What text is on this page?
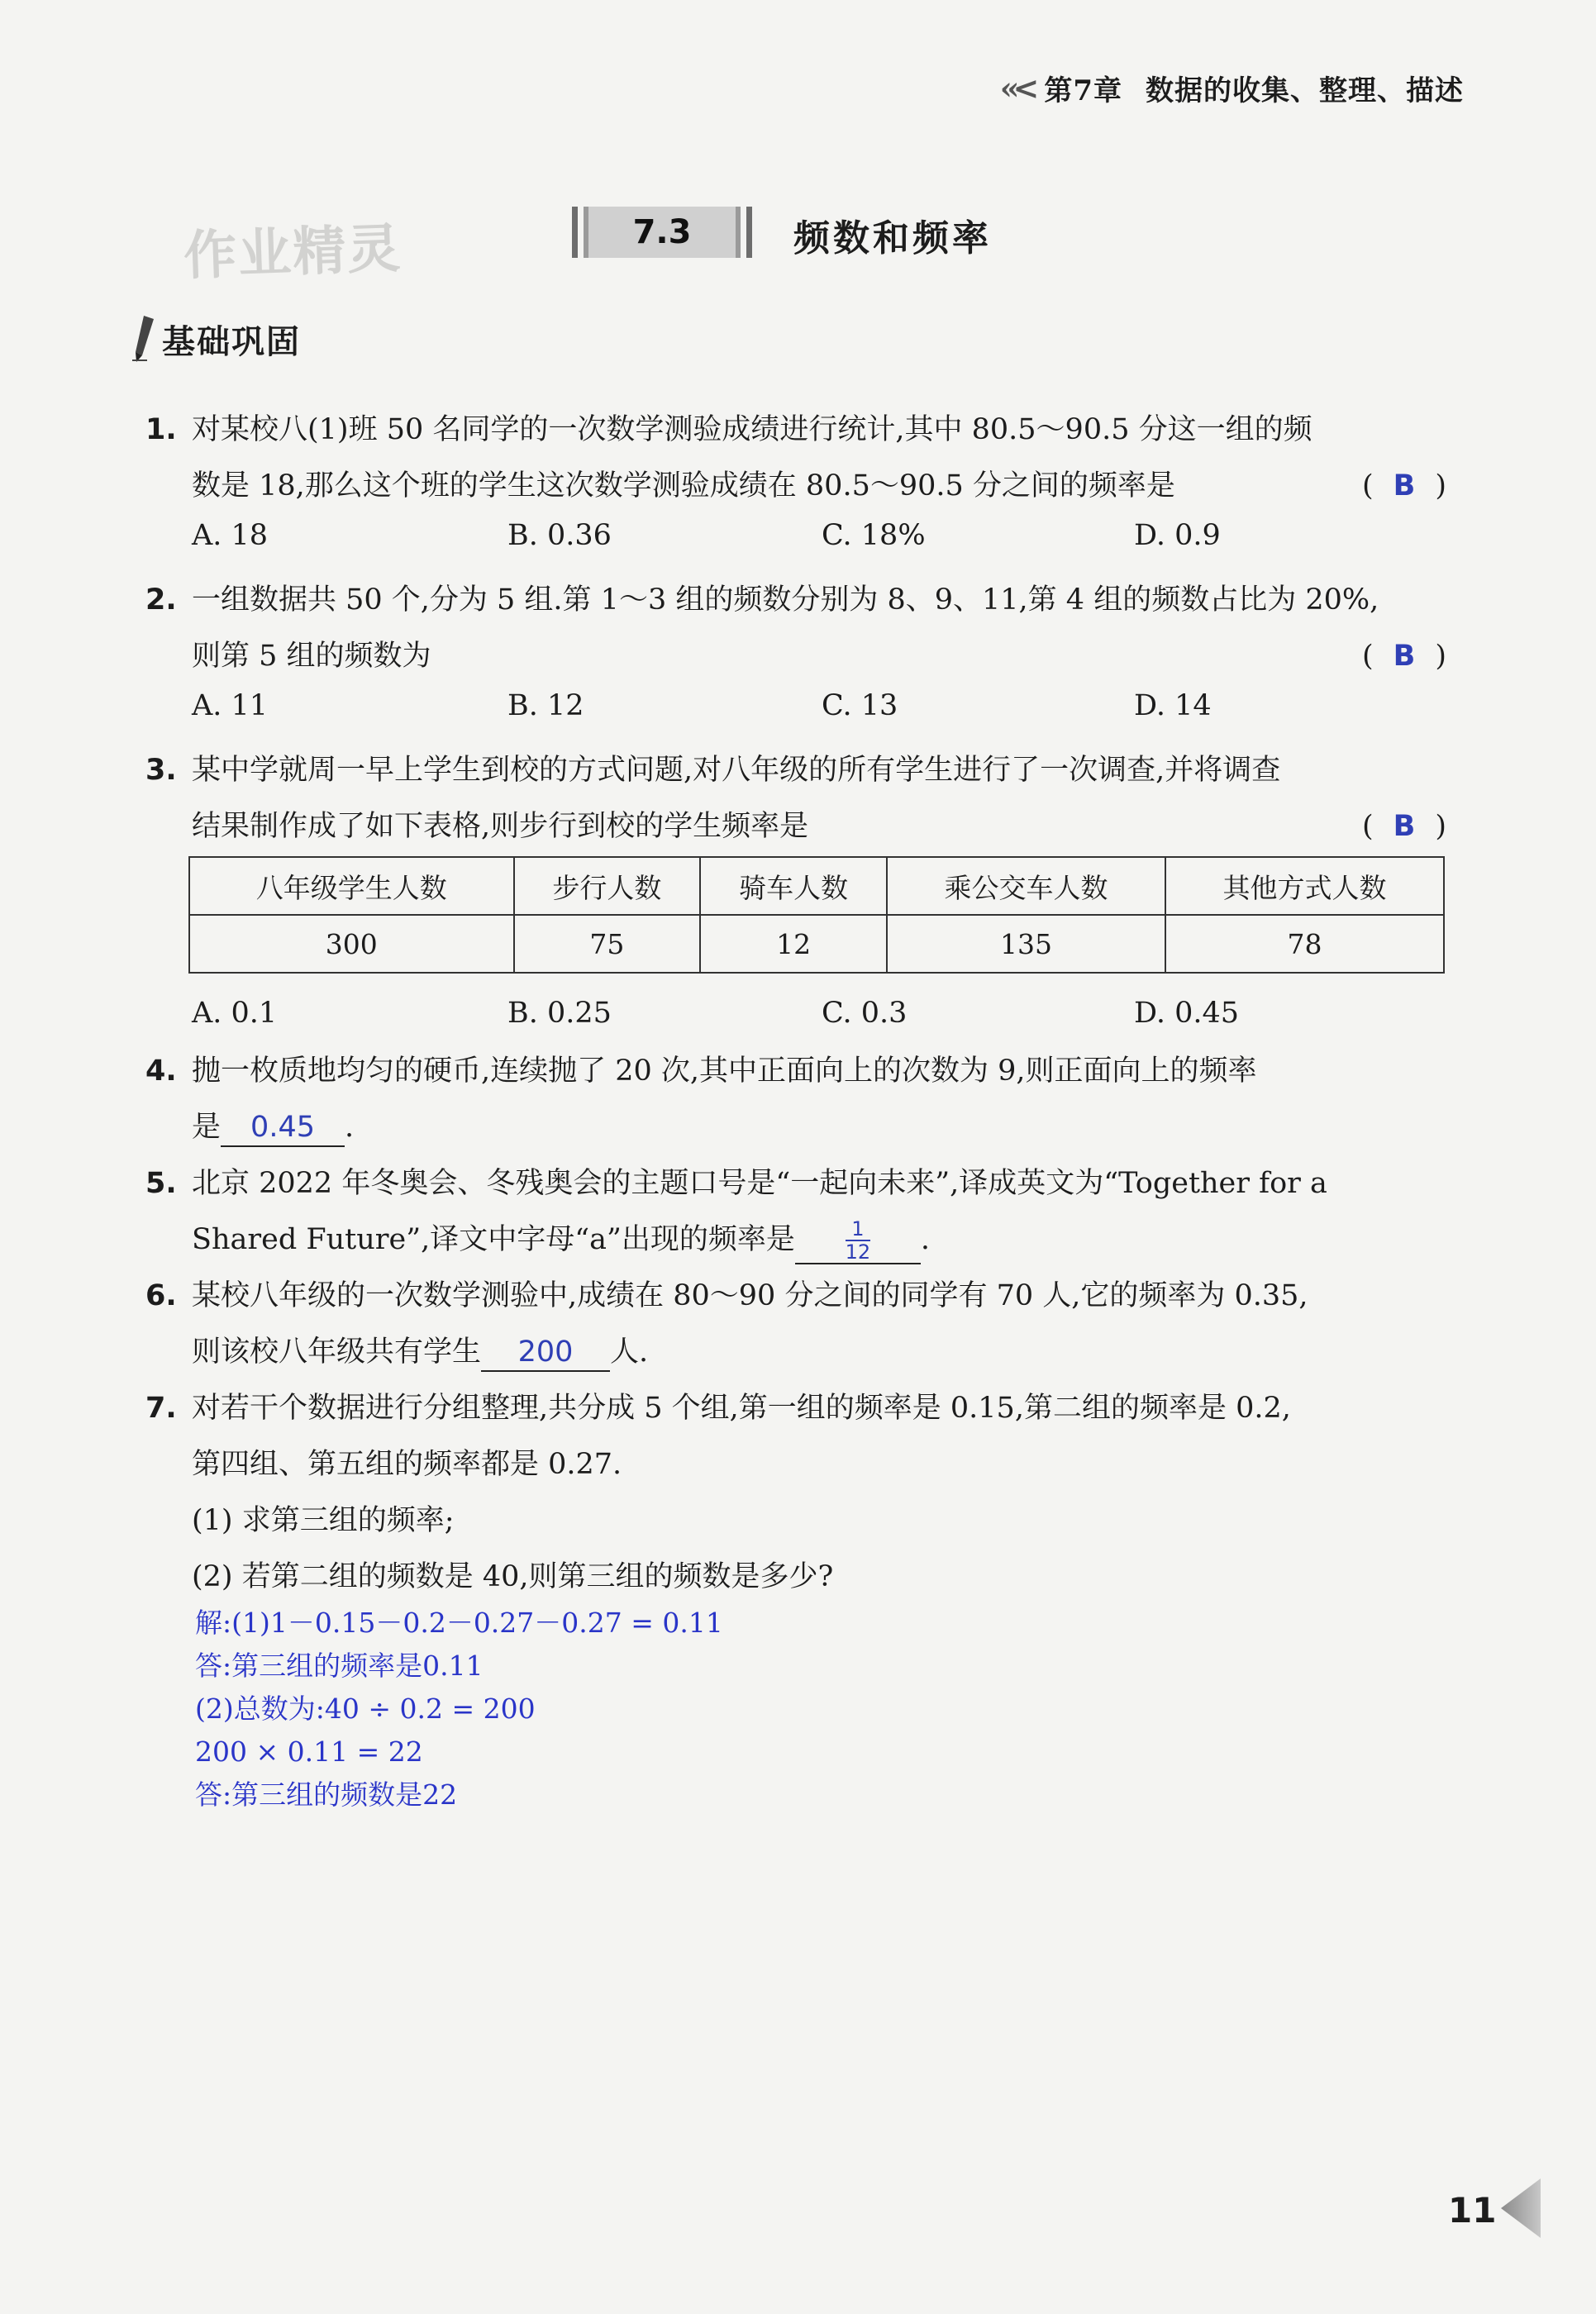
«< 第7章 数据的收集、整理、描述
作业精灵	7.3	频数和频率
基础巩固
1. 对某校八(1)班 50 名同学的一次数学测验成绩进行统计,其中 80.5～90.5 分这一组的频
数是 18,那么这个班的学生这次数学测验成绩在 80.5～90.5 分之间的频率是	( B )
A. 18	B. 0.36	C. 18%	D. 0.9
2. 一组数据共 50 个,分为 5 组.第 1～3 组的频数分别为 8、9、11,第 4 组的频数占比为 20%,
则第 5 组的频数为	( B )
A. 11	B. 12	C. 13	D. 14
3. 某中学就周一早上学生到校的方式问题,对八年级的所有学生进行了一次调查,并将调查
结果制作成了如下表格,则步行到校的学生频率是	( B )
八年级学生人数	步行人数	骑车人数	乘公交车人数	其他方式人数
300	75	12	135	78
A. 0.1	B. 0.25	C. 0.3	D. 0.45
4. 抛一枚质地均匀的硬币,连续抛了 20 次,其中正面向上的次数为 9,则正面向上的频率
是 0.45 .
5. 北京 2022 年冬奥会、冬残奥会的主题口号是“一起向未来”,译成英文为“Together for a
Shared Future”,译文中字母“a”出现的频率是	$\frac{1}{12}$ .
6. 某校八年级的一次数学测验中,成绩在 80～90 分之间的同学有 70 人,它的频率为 0.35,
则该校八年级共有学生 200 人.
7. 对若干个数据进行分组整理,共分成 5 个组,第一组的频率是 0.15,第二组的频率是 0.2,
第四组、第五组的频率都是 0.27.
(1) 求第三组的频率;
(2) 若第二组的频数是 40,则第三组的频数是多少?
解:(1)1－0.15－0.2－0.27－0.27 = 0.11
答:第三组的频率是0.11
(2)总数为:40 ÷ 0.2 = 200
200 × 0.11 = 22
答:第三组的频数是22
11
